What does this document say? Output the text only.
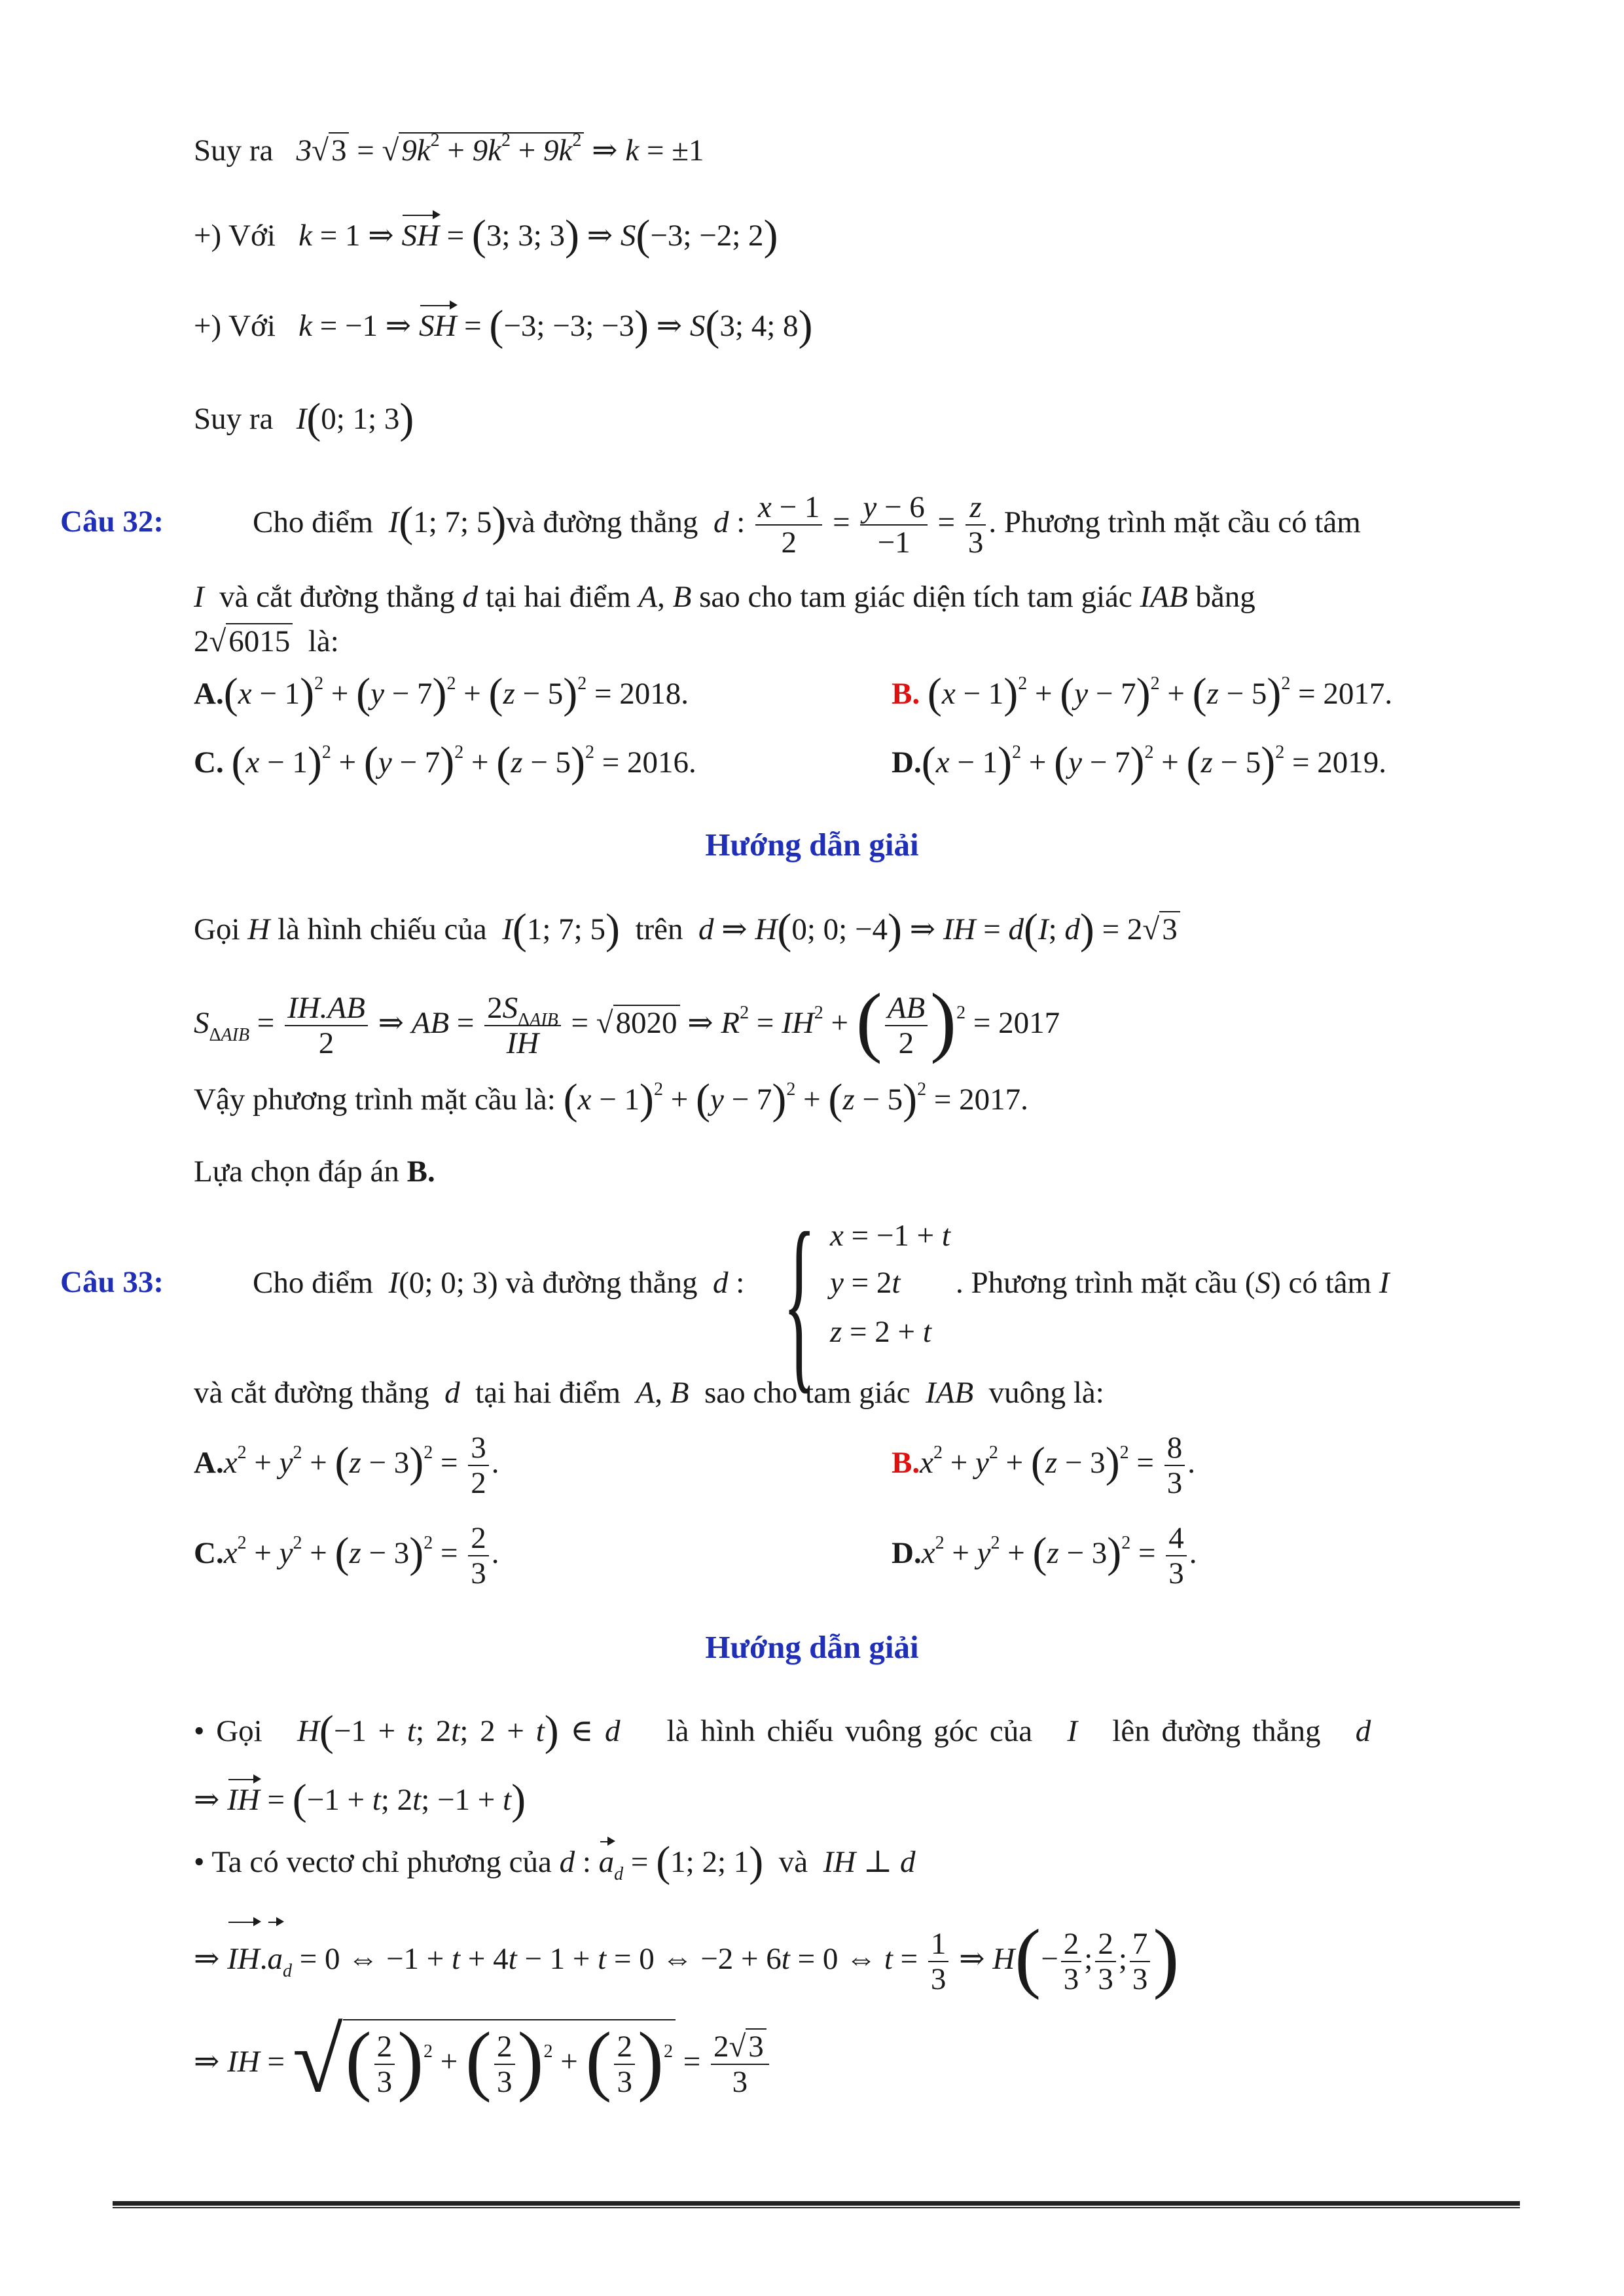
Suy ra $3√3 = √9k^2 + 9k^2 + 9k^2$ ⇒ k = ±1
+) Với k = 1 ⇒ SH = (3; 3; 3) ⇒ S(−3; −2; 2)
+) Với k = −1 ⇒ SH = (−3; −3; −3) ⇒ S(3; 4; 8)
Suy ra I(0; 1; 3)
Câu 32:	Cho điểm I(1; 7; 5)và đường thẳng d : $\frac{x - 1}{2} = \frac{y - 6}{-1} = \frac{z}{3}$ . Phương trình mặt cầu có tâm
I và cắt đường thẳng d tại hai điểm A, B sao cho tam giác diện tích tam giác IAB bằng
2√6015 là:
$A.(x - 1)^2 + (y - 7)^2 + (z - 5)^2 = 2018$.	B. $(x - 1)^2 + (y - 7)^2 + (z - 5)^2 = 2017$.
C. $(x - 1)^2 + (y - 7)^2 + (z - 5)^2 = 2016$.	$D.(x - 1)^2 + (y - 7)^2 + (z - 5)^2 = 2019$.
Hướng dẫn giải
Gọi H là hình chiếu của I(1; 7; 5) trên d ⇒ H(0; 0; −4) ⇒ IH = d(I; d) = 2√3
$S_{\Delta AIB} = \frac{IH.AB}{2}$ ⇒ AB = $\frac{2S_{\Delta AIB}}{IH} = √8020$ ⇒ $R^2 = IH^2$ + ( $\frac{AB}{2} )^2 = 2017$
Vậy phương trình mặt cầu là: $(x - 1)^2 + (y - 7)^2 + (z - 5)^2 = 2017$.
Lựa chọn đáp án B.
Câu 33:	Cho điểm I(0; 0; 3) và đường thẳng d : { x = −1 + t
y = 2t
z = 2 + t
. Phương trình mặt cầu (S) có tâm I
và cắt đường thẳng d tại hai điểm A, B sao cho tam giác IAB vuông là:
$A.x^2 + y^2 + (z - 3)^2 = \frac{3}{2}$ .	$B.x^2 + y^2 + (z - 3)^2 = \frac{8}{3}$ .
$C.x^2 + y^2 + (z - 3)^2 = \frac{2}{3}$ .	$D.x^2 + y^2 + (z - 3)^2 = \frac{4}{3}$ .
Hướng dẫn giải
• Gọi H(−1 + t; 2t; 2 + t) ∈ d là hình chiếu vuông góc của I lên đường thẳng d
⇒ IH = (−1 + t; 2t; −1 + t)
• Ta có vectơ chỉ phương của d : $a_d = (1$; 2; 1) và IH ⊥ d
⇒ $IH.a_d = 0$ ⇔ −1 + t + 4t − 1 + t = 0 ⇔ −2 + 6t = 0 ⇔ $t = \frac{1}{3}$ ⇒ $H(- \frac{2}{3}$ ; $\frac{2}{3}$ ; $\frac{7}{3}$ )
⇒ IH = √( $\frac{2}{3} )^2$ + ( $\frac{2}{3} )^2$ + ( $\frac{2}{3} )^2 = \frac{2√3}{3}$
